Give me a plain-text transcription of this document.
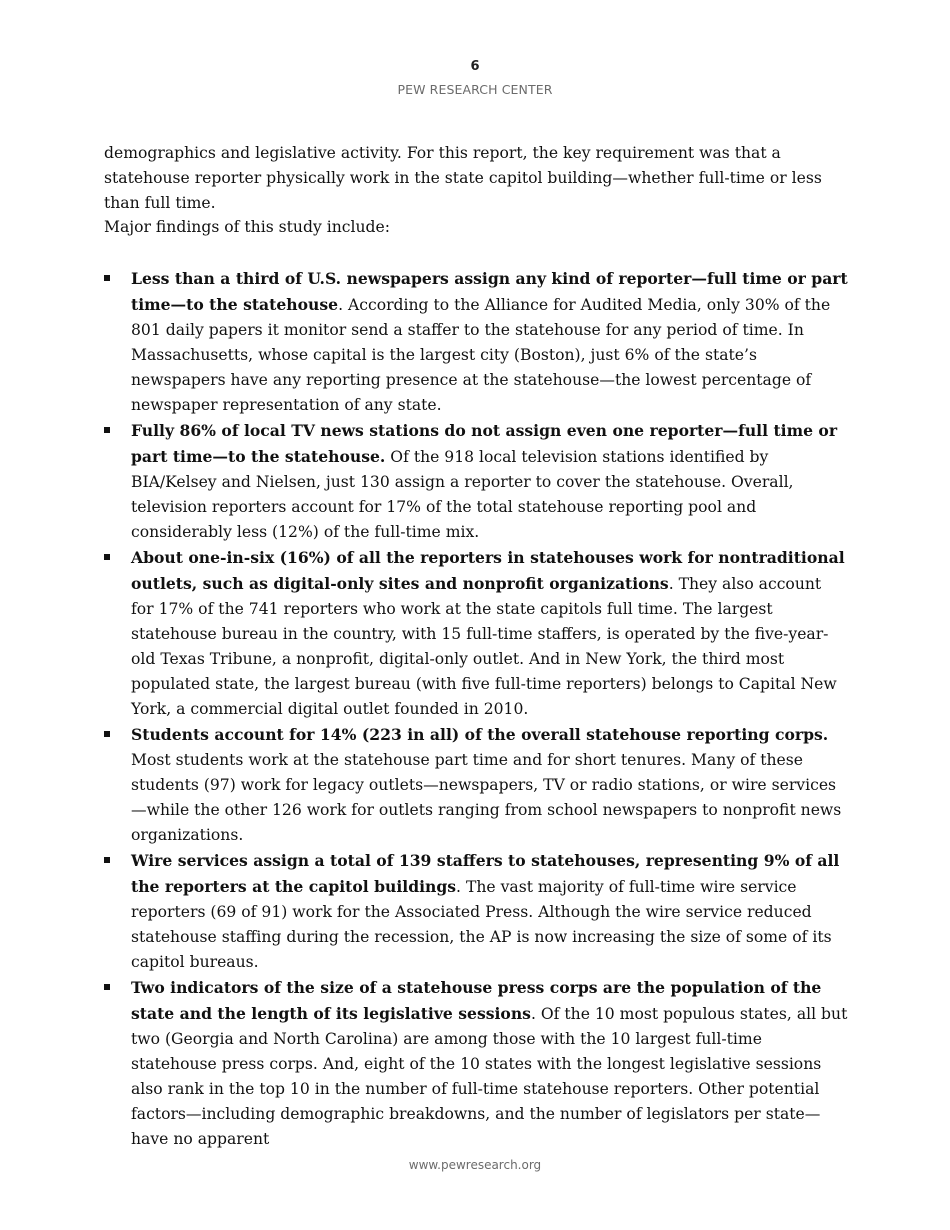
6
PEW RESEARCH CENTER

demographics and legislative activity. For this report, the key requirement was that a statehouse reporter physically work in the state capitol building—whether full-time or less than full time.

Major findings of this study include:

Less than a third of U.S. newspapers assign any kind of reporter—full time or part time—to the statehouse. According to the Alliance for Audited Media, only 30% of the 801 daily papers it monitor send a staffer to the statehouse for any period of time. In Massachusetts, whose capital is the largest city (Boston), just 6% of the state’s newspapers have any reporting presence at the statehouse—the lowest percentage of newspaper representation of any state.
Fully 86% of local TV news stations do not assign even one reporter—full time or part time—to the statehouse. Of the 918 local television stations identified by BIA/Kelsey and Nielsen, just 130 assign a reporter to cover the statehouse. Overall, television reporters account for 17% of the total statehouse reporting pool and considerably less (12%) of the full-time mix.
About one-in-six (16%) of all the reporters in statehouses work for nontraditional outlets, such as digital-only sites and nonprofit organizations. They also account for 17% of the 741 reporters who work at the state capitols full time. The largest statehouse bureau in the country, with 15 full-time staffers, is operated by the five-year-old Texas Tribune, a nonprofit, digital-only outlet. And in New York, the third most populated state, the largest bureau (with five full-time reporters) belongs to Capital New York, a commercial digital outlet founded in 2010.
Students account for 14% (223 in all) of the overall statehouse reporting corps. Most students work at the statehouse part time and for short tenures. Many of these students (97) work for legacy outlets—newspapers, TV or radio stations, or wire services—while the other 126 work for outlets ranging from school newspapers to nonprofit news organizations.
Wire services assign a total of 139 staffers to statehouses, representing 9% of all the reporters at the capitol buildings. The vast majority of full-time wire service reporters (69 of 91) work for the Associated Press. Although the wire service reduced statehouse staffing during the recession, the AP is now increasing the size of some of its capitol bureaus.
Two indicators of the size of a statehouse press corps are the population of the state and the length of its legislative sessions. Of the 10 most populous states, all but two (Georgia and North Carolina) are among those with the 10 largest full-time statehouse press corps. And, eight of the 10 states with the longest legislative sessions also rank in the top 10 in the number of full-time statehouse reporters. Other potential factors—including demographic breakdowns, and the number of legislators per state—have no apparent
www.pewresearch.org
